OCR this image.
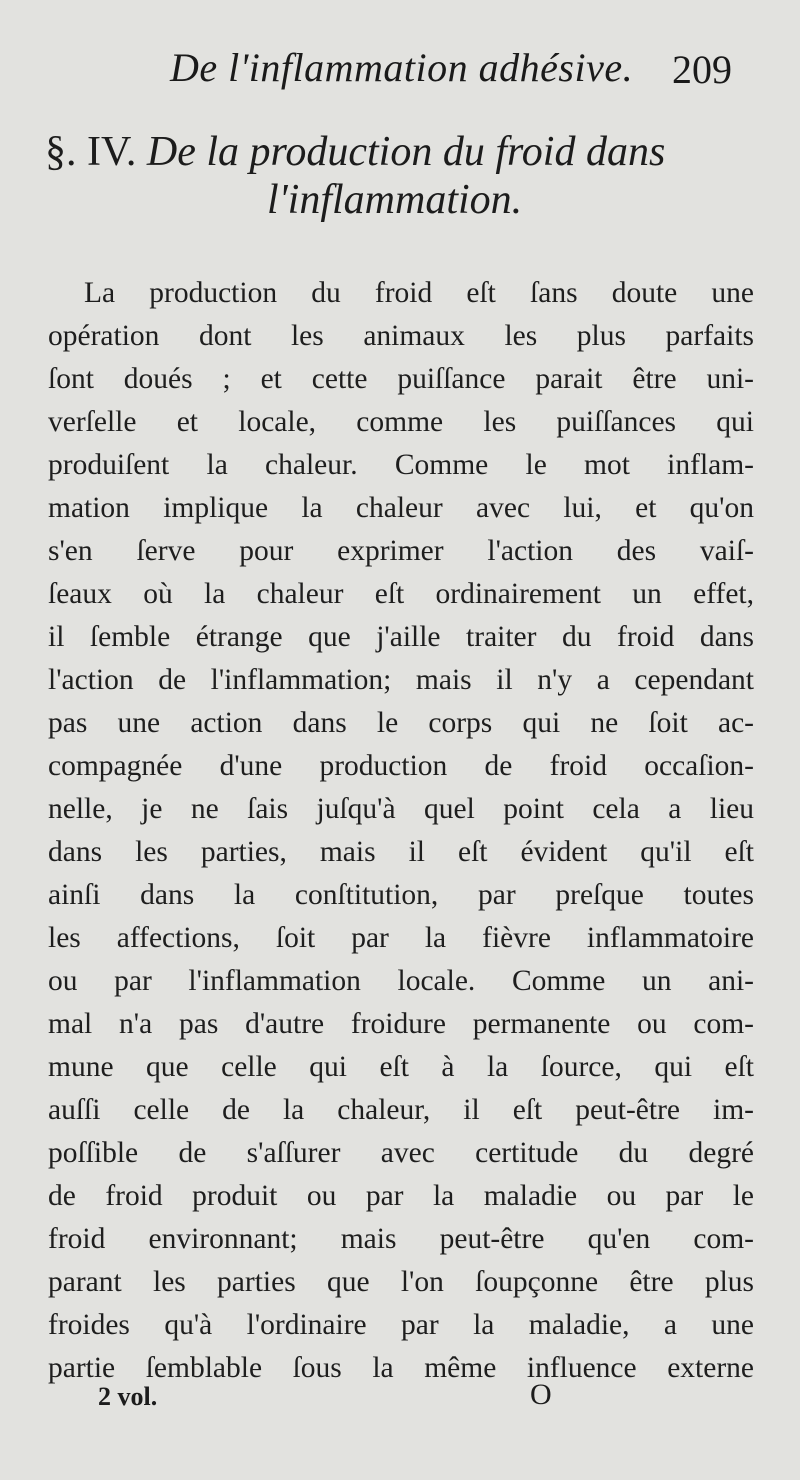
De l'inflammation adhésive. 209
§. IV. De la production du froid dans
l'inflammation.
La production du froid eſt ſans doute une
opération dont les animaux les plus parfaits
ſont doués ; et cette puiſſance parait être uni-
verſelle et locale, comme les puiſſances qui
produiſent la chaleur. Comme le mot inflam-
mation implique la chaleur avec lui, et qu'on
s'en ſerve pour exprimer l'action des vaiſ-
ſeaux où la chaleur eſt ordinairement un effet,
il ſemble étrange que j'aille traiter du froid dans
l'action de l'inflammation; mais il n'y a cependant
pas une action dans le corps qui ne ſoit ac-
compagnée d'une production de froid occaſion-
nelle, je ne ſais juſqu'à quel point cela a lieu
dans les parties, mais il eſt évident qu'il eſt
ainſi dans la conſtitution, par preſque toutes
les affections, ſoit par la fièvre inflammatoire
ou par l'inflammation locale. Comme un ani-
mal n'a pas d'autre froidure permanente ou com-
mune que celle qui eſt à la ſource, qui eſt
auſſi celle de la chaleur, il eſt peut-être im-
poſſible de s'aſſurer avec certitude du degré
de froid produit ou par la maladie ou par le
froid environnant; mais peut-être qu'en com-
parant les parties que l'on ſoupçonne être plus
froides qu'à l'ordinaire par la maladie, a une
partie ſemblable ſous la même influence externe
2 vol.	O
